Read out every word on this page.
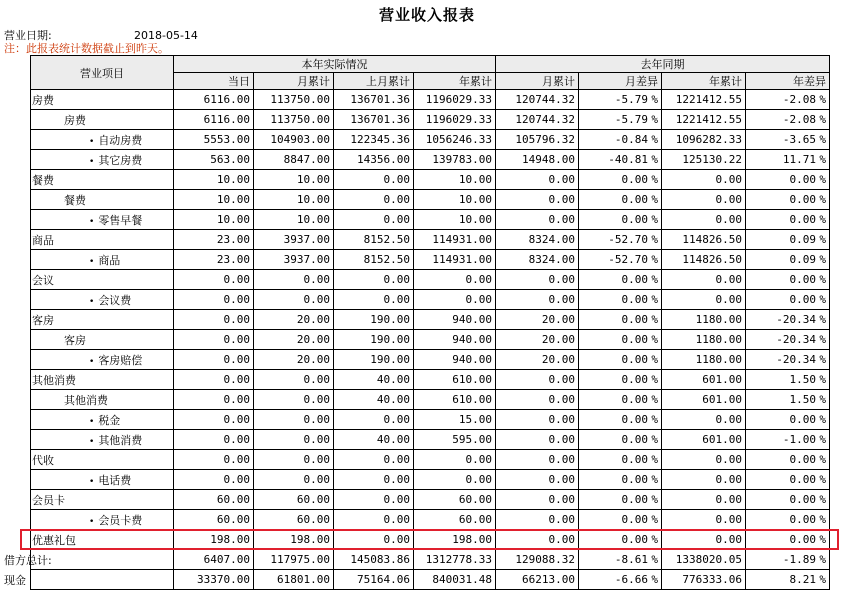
营业收入报表
营业日期:	2018-05-14
注：此报表统计数据截止到昨天。
营业项目	本年实际情况				去年同期			
	当日	月累计	上月累计	年累计	月累计	月差异	年累计	年差异
房费	6116.00	113750.00	136701.36	1196029.33	120744.32	-5.79 %	1221412.55	-2.08 %
房费	6116.00	113750.00	136701.36	1196029.33	120744.32	-5.79 %	1221412.55	-2.08 %
• 自动房费	5553.00	104903.00	122345.36	1056246.33	105796.32	-0.84 %	1096282.33	-3.65 %
• 其它房费	563.00	8847.00	14356.00	139783.00	14948.00	-40.81 %	125130.22	11.71 %
餐费	10.00	10.00	0.00	10.00	0.00	0.00 %	0.00	0.00 %
餐费	10.00	10.00	0.00	10.00	0.00	0.00 %	0.00	0.00 %
• 零售早餐	10.00	10.00	0.00	10.00	0.00	0.00 %	0.00	0.00 %
商品	23.00	3937.00	8152.50	114931.00	8324.00	-52.70 %	114826.50	0.09 %
• 商品	23.00	3937.00	8152.50	114931.00	8324.00	-52.70 %	114826.50	0.09 %
会议	0.00	0.00	0.00	0.00	0.00	0.00 %	0.00	0.00 %
• 会议费	0.00	0.00	0.00	0.00	0.00	0.00 %	0.00	0.00 %
客房	0.00	20.00	190.00	940.00	20.00	0.00 %	1180.00	-20.34 %
客房	0.00	20.00	190.00	940.00	20.00	0.00 %	1180.00	-20.34 %
• 客房赔偿	0.00	20.00	190.00	940.00	20.00	0.00 %	1180.00	-20.34 %
其他消费	0.00	0.00	40.00	610.00	0.00	0.00 %	601.00	1.50 %
其他消费	0.00	0.00	40.00	610.00	0.00	0.00 %	601.00	1.50 %
• 税金	0.00	0.00	0.00	15.00	0.00	0.00 %	0.00	0.00 %
• 其他消费	0.00	0.00	40.00	595.00	0.00	0.00 %	601.00	-1.00 %
代收	0.00	0.00	0.00	0.00	0.00	0.00 %	0.00	0.00 %
• 电话费	0.00	0.00	0.00	0.00	0.00	0.00 %	0.00	0.00 %
会员卡	60.00	60.00	0.00	60.00	0.00	0.00 %	0.00	0.00 %
• 会员卡费	60.00	60.00	0.00	60.00	0.00	0.00 %	0.00	0.00 %
优惠礼包	198.00	198.00	0.00	198.00	0.00	0.00 %	0.00	0.00 %
借方总计:	6407.00	117975.00	145083.86	1312778.33	129088.32	-8.61 %	1338020.05	-1.89 %
现金	33370.00	61801.00	75164.06	840031.48	66213.00	-6.66 %	776333.06	8.21 %
